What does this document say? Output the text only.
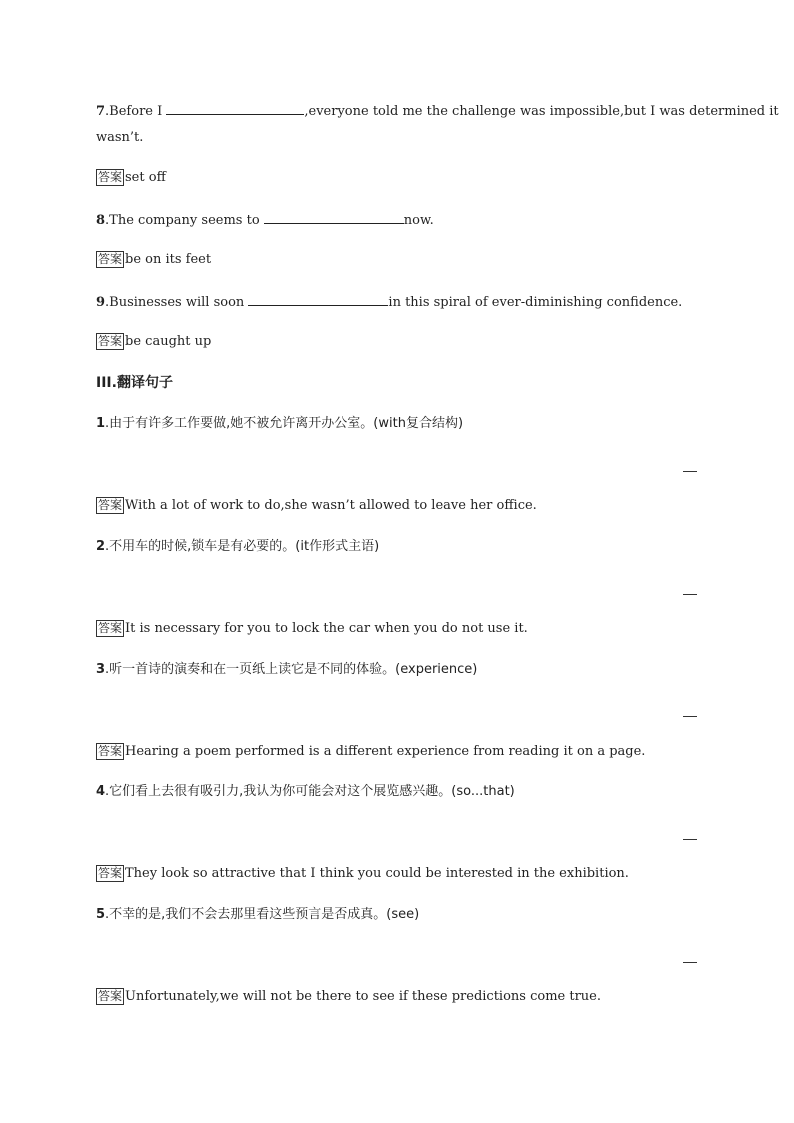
7.Before I	,everyone told me the challenge was impossible,but I was determined it
wasn’t.
答案 set off
8.The company seems to	now.
答案 be on its feet
9.Businesses will soon	in this spiral of ever-diminishing confidence.
答案 be caught up
III.翻译句子
1.由于有许多工作要做,她不被允许离开办公室。(with复合结构)
答案 With a lot of work to do,she wasn’t allowed to leave her office.
2.不用车的时候,锁车是有必要的。(it作形式主语)
答案 It is necessary for you to lock the car when you do not use it.
3.听一首诗的演奏和在一页纸上读它是不同的体验。(experience)
答案 Hearing a poem performed is a different experience from reading it on a page.
4.它们看上去很有吸引力,我认为你可能会对这个展览感兴趣。(so...that)
答案 They look so attractive that I think you could be interested in the exhibition.
5.不幸的是,我们不会去那里看这些预言是否成真。(see)
答案 Unfortunately,we will not be there to see if these predictions come true.
